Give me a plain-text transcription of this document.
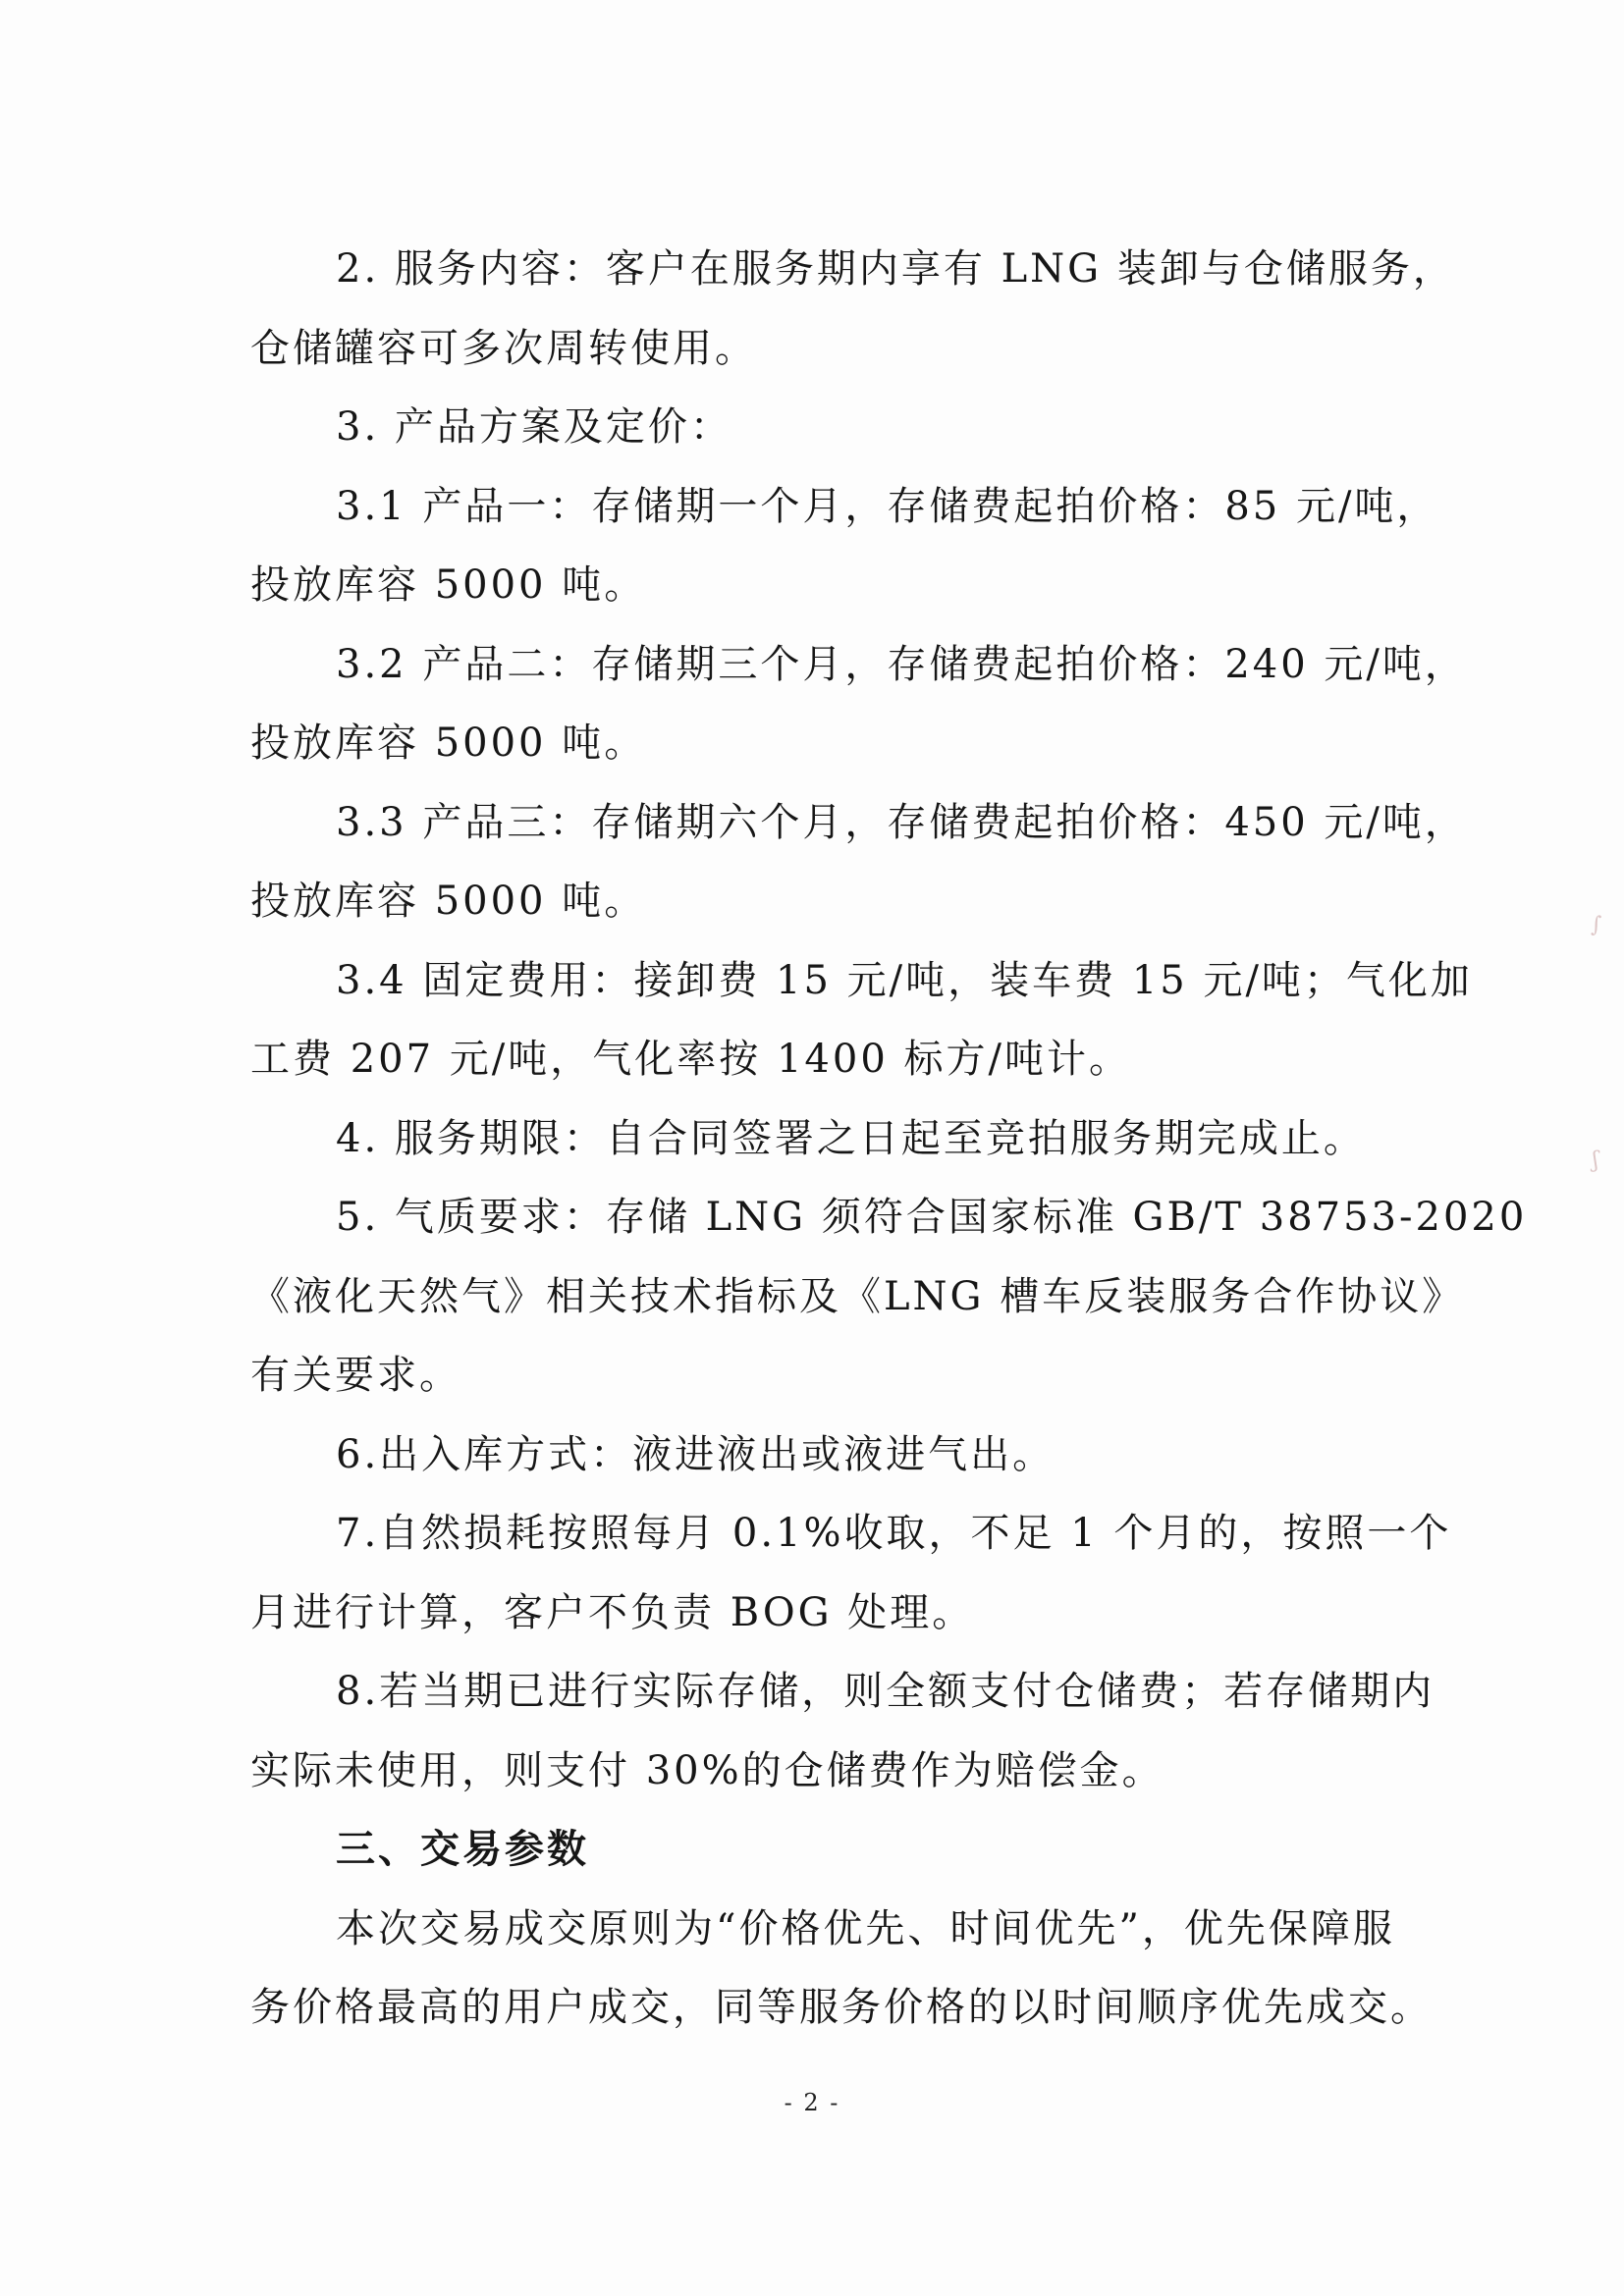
2. 服务内容：客户在服务期内享有 LNG 装卸与仓储服务，
仓储罐容可多次周转使用。
3. 产品方案及定价：
3.1 产品一：存储期一个月，存储费起拍价格：85 元/吨，
投放库容 5000 吨。
3.2 产品二：存储期三个月，存储费起拍价格：240 元/吨，
投放库容 5000 吨。
3.3 产品三：存储期六个月，存储费起拍价格：450 元/吨，
投放库容 5000 吨。
3.4 固定费用：接卸费 15 元/吨，装车费 15 元/吨；气化加
工费 207 元/吨，气化率按 1400 标方/吨计。
4. 服务期限：自合同签署之日起至竞拍服务期完成止。
5. 气质要求：存储 LNG 须符合国家标准 GB/T 38753-2020
《液化天然气》相关技术指标及《LNG 槽车反装服务合作协议》
有关要求。
6.出入库方式：液进液出或液进气出。
7.自然损耗按照每月 0.1%收取，不足 1 个月的，按照一个
月进行计算，客户不负责 BOG 处理。
8.若当期已进行实际存储，则全额支付仓储费；若存储期内
实际未使用，则支付 30%的仓储费作为赔偿金。
三、交易参数
本次交易成交原则为“价格优先、时间优先”，优先保障服
务价格最高的用户成交，同等服务价格的以时间顺序优先成交。
- 2 -
∫
ʃ
